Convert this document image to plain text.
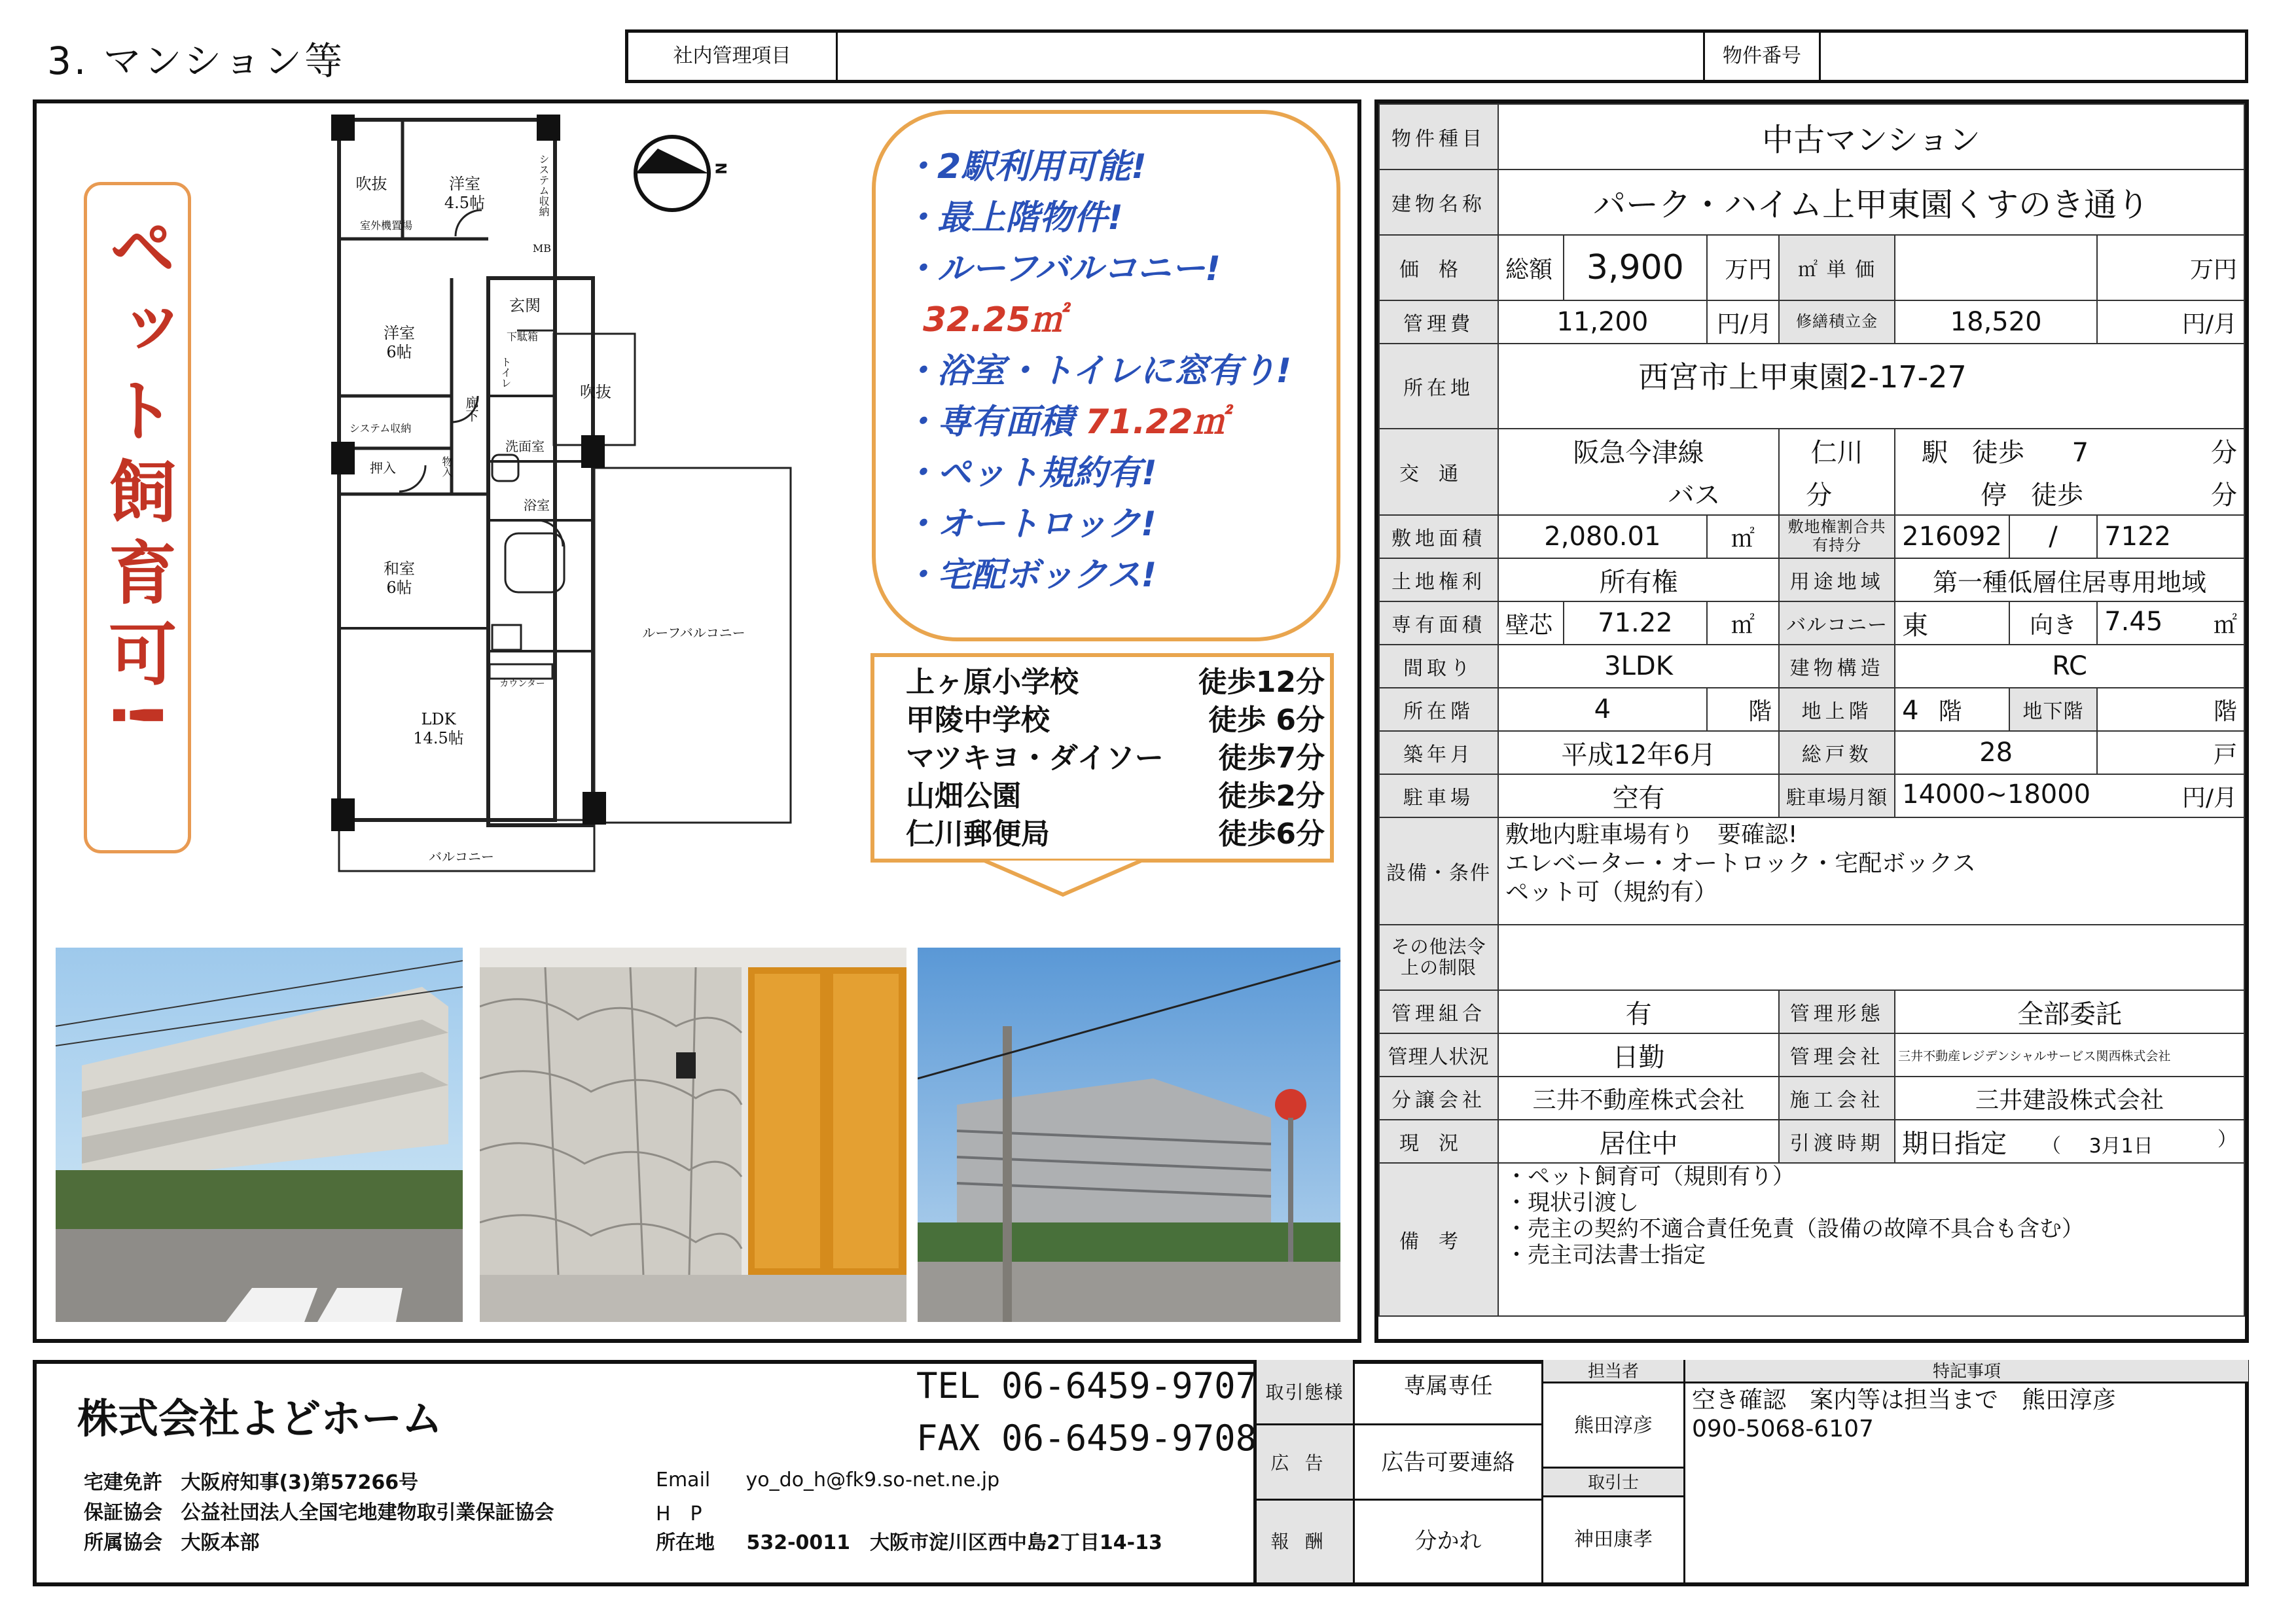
3. マンション等	社内管理項目	物件番号
ペット飼育可!
吹抜	洋室
4.5帖	システム収納
室外機置場
MB
洋室
6帖
玄関
下駄箱
トイレ
廊下
吹抜
システム収納
洗面室
押入	物入
浴室
和室
6帖
カウンター
ルーフバルコニー
LDK
14.5帖
バルコニー
N	・2駅利用可能!
・最上階物件!
・ルーフバルコニー!
32.25㎡
・浴室・トイレに窓有り!
・専有面積 71.22㎡
・ペット規約有!
・オートロック!
・宅配ボックス!
上ヶ原小学校	徒歩12分
甲陵中学校	徒歩 6分
マツキヨ・ダイソー 徒歩7分
山畑公園	徒歩2分
仁川郵便局	徒歩6分
物件種目	中古マンション						
建物名称	パーク・ハイム上甲東園くすのき通り						
価格	総額	3,900	万円	㎡ 単 価			万円
管理費	11,200		円/月	修繕積立金	18,520		円/月
所在地	西宮市上甲東園2-17-27						
交通	阪急今津線			仁川	駅 徒歩 7 分		

	バス			分	停 徒歩 分		

敷地面積	2,080.01		㎡	敷地権割合共有持分	216092	/	7122
土地権利	所有権			用途地域	第一種低層住居専用地域		
専有面積	壁芯	71.22	㎡	バルコニー	東	向き	7.45 ㎡

間取り	3LDK			建物構造	RC		
所在階	4		階	地上階	4 階	地下階	階
築年月	平成12年6月			総戸数	28		戸
駐車場	空有			駐車場月額	14000~18000 円/月		

設備・条件	敷地内駐車場有り　要確認!
エレベーター・オートロック・宅配ボックス
ペット可（規約有）						

その他法令上の制限							
管理組合	有			管理形態	全部委託		
管理人状況	日勤			管理会社	三井不動産レジデンシャルサービス関西株式会社		
分譲会社	三井不動産株式会社			施工会社	三井建設株式会社		
現況	居住中			引渡時期	期日指定 （ 3月1日 ）		

備考	・ペット飼育可（規則有り）
・現状引渡し
・売主の契約不適合責任免責（設備の故障不具合も含む）
・売主司法書士指定						
株式会社よどホーム
TEL 06-6459-9707
FAX 06-6459-9708
宅建免許 大阪府知事(3)第57266号
保証協会 公益社団法人全国宅地建物取引業保証協会
所属協会 大阪本部
Email yo_do_h@fk9.so-net.ne.jp
H　P
所在地 532-0011　大阪市淀川区西中島2丁目14-13
取引態様	専属専任
広告	広告可要連絡
報酬	分かれ
担当者
熊田淳彦
取引士
神田康孝
特記事項
空き確認　案内等は担当まで　熊田淳彦
090-5068-6107
